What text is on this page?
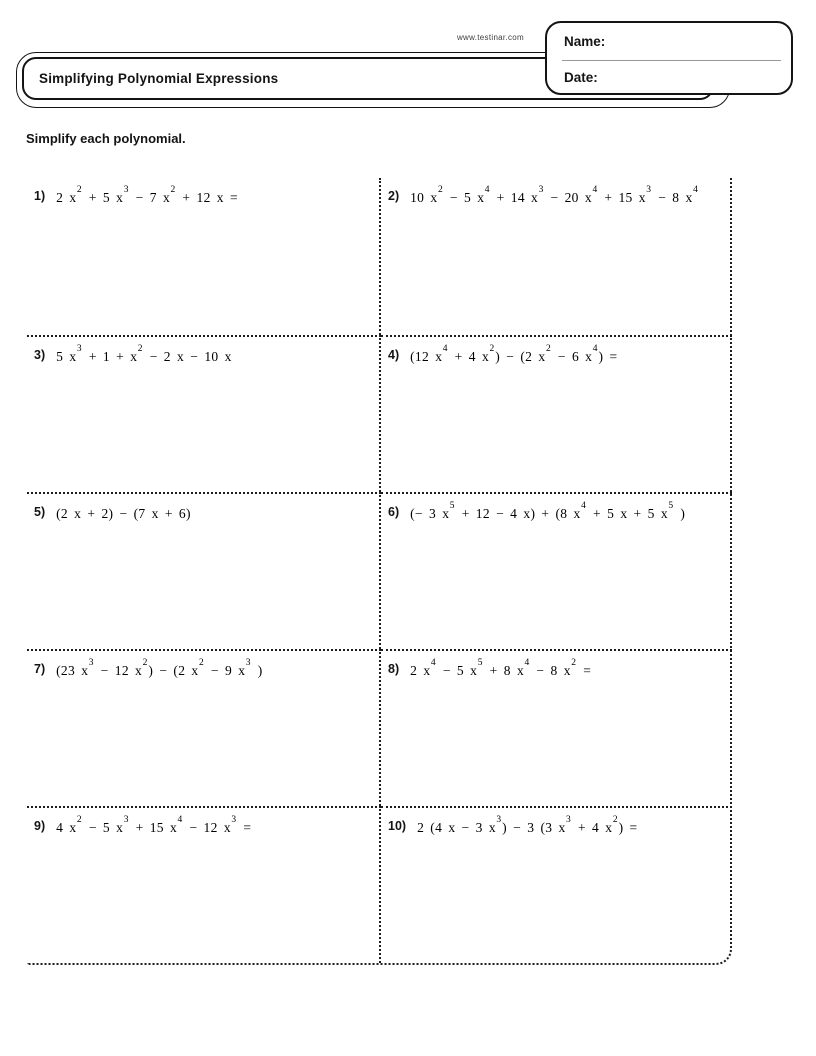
www.testinar.com
Simplifying Polynomial Expressions
Name:
Date:
Simplify each polynomial.
1) 2 $x^2 + 5$ $x^3 - 7$ $x^2 + 12$ x =	2) 10 $x^2 - 5$ $x^4 + 14$ $x^3 - 20$ $x^4 + 15$ $x^3 - 8$ $x^4$
3) 5 $x^3 + 1 + x^2 - 2$ x − 10 x	4) (12 $x^4 + 4$ $x^2) - (2$ $x^2 - 6$ $x^4$) =
5) (2 x + 2) − (7 x + 6)	6) (− 3 $x^5 + 12 - 4$ x) + (8 $x^4 + 5$ x + 5 $x^5$ )
7) (23 $x^3 - 12$ $x^2) - (2$ $x^2 - 9$ $x^3$ )	8) 2 $x^4 - 5$ $x^5 + 8$ $x^4 - 8$ $x^2$ =
9) 4 $x^2 - 5$ $x^3 + 15$ $x^4 - 12$ $x^3$ =	10) 2 (4 x − 3 $x^3) - 3$ (3 $x^3 + 4$ $x^2$) =
